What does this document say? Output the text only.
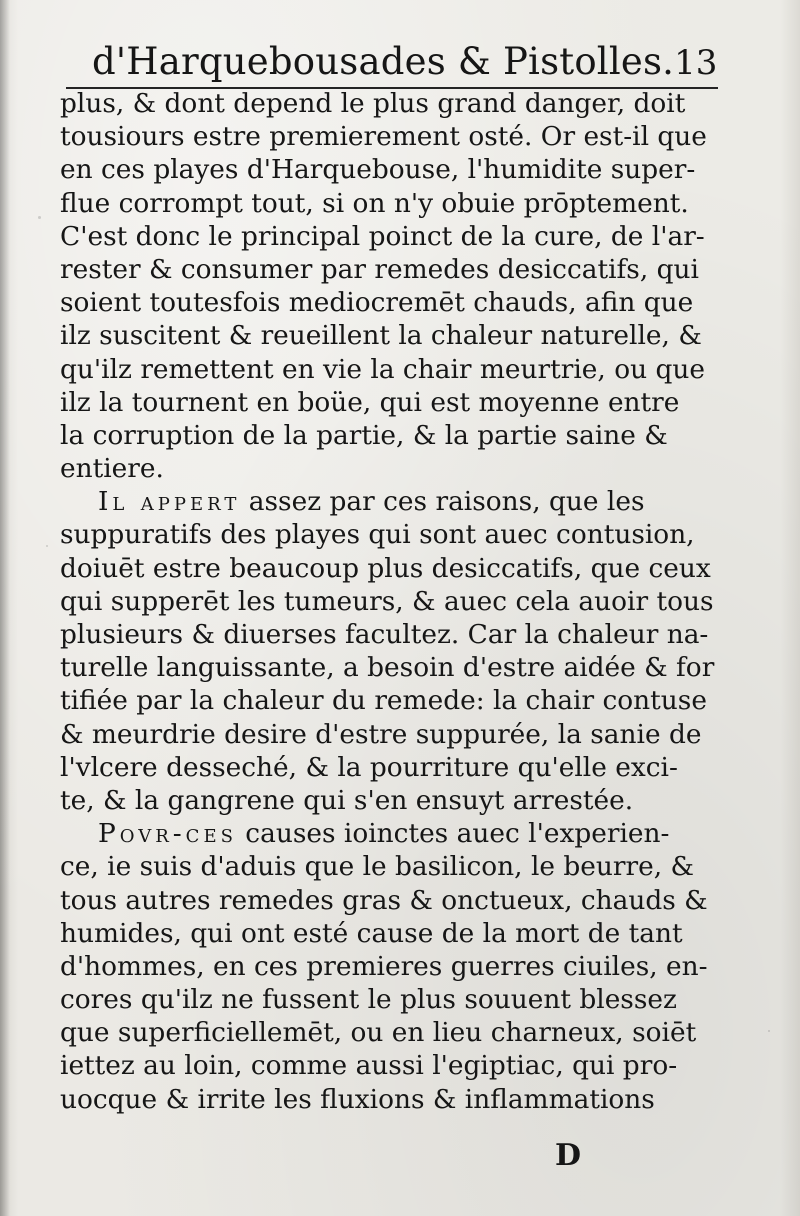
d'Harquebousades & Pistolles. 13
plus, & dont depend le plus grand danger, doit
tousiours estre premierement osté. Or est-il que
en ces playes d'Harquebouse, l'humidite super-
flue corrompt tout, si on n'y obuie prōptement.
C'est donc le principal poinct de la cure, de l'ar-
rester & consumer par remedes desiccatifs, qui
soient toutesfois mediocremēt chauds, afin que
ilz suscitent & reueillent la chaleur naturelle, &
qu'ilz remettent en vie la chair meurtrie, ou que
ilz la tournent en boüe, qui est moyenne entre
la corruption de la partie, & la partie saine &
entiere.
Il appert assez par ces raisons, que les
suppuratifs des playes qui sont auec contusion,
doiuēt estre beaucoup plus desiccatifs, que ceux
qui supperēt les tumeurs, & auec cela auoir tous
plusieurs & diuerses facultez. Car la chaleur na-
turelle languissante, a besoin d'estre aidée & for
tifiée par la chaleur du remede: la chair contuse
& meurdrie desire d'estre suppurée, la sanie de
l'vlcere desseché, & la pourriture qu'elle exci-
te, & la gangrene qui s'en ensuyt arrestée.
Povr-ces causes ioinctes auec l'experien-
ce, ie suis d'aduis que le basilicon, le beurre, &
tous autres remedes gras & onctueux, chauds &
humides, qui ont esté cause de la mort de tant
d'hommes, en ces premieres guerres ciuiles, en-
cores qu'ilz ne fussent le plus souuent blessez
que superficiellemēt, ou en lieu charneux, soiēt
iettez au loin, comme aussi l'egiptiac, qui pro-
uocque & irrite les fluxions & inflammations
D
